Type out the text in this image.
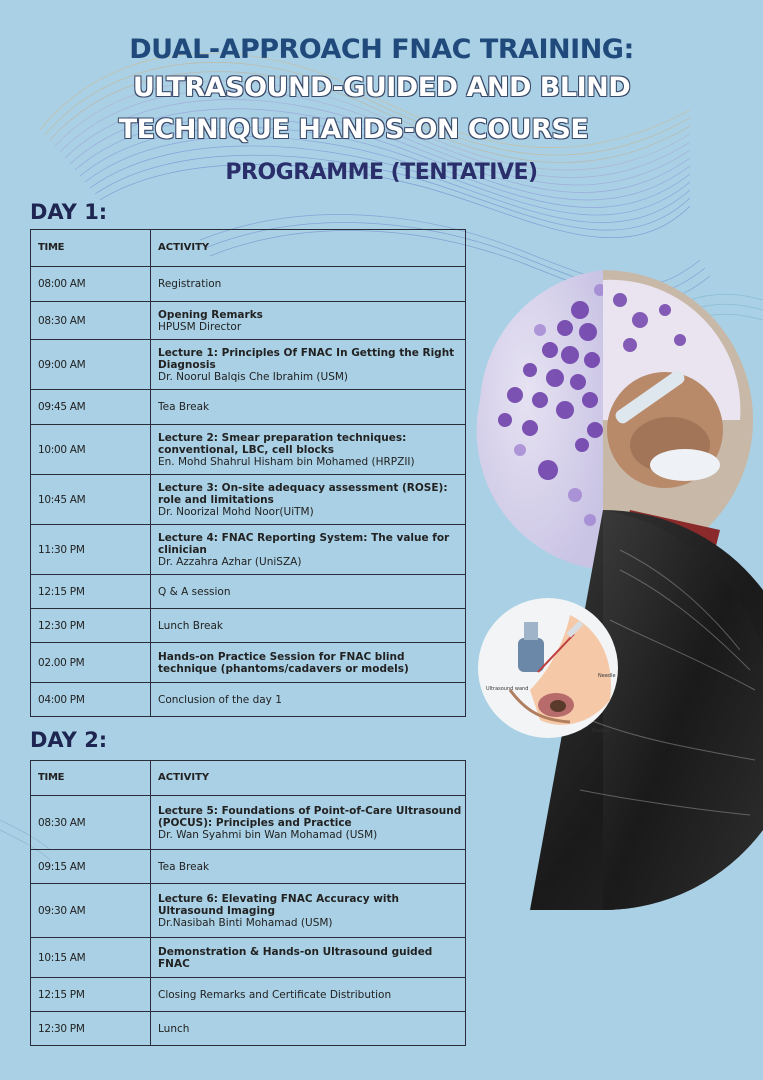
DUAL-APPROACH FNAC TRAINING:
ULTRASOUND-GUIDED AND BLIND
TECHNIQUE HANDS-ON COURSE
PROGRAMME (TENTATIVE)
DAY 1:
TIME	ACTIVITY
08:00 AM	Registration

08:30 AM	Opening Remarks
HPUSM Director

09:00 AM	Lecture 1: Principles Of FNAC In Getting the Right Diagnosis
Dr. Noorul Balqis Che Ibrahim (USM)

09:45 AM	Tea Break

10:00 AM	Lecture 2: Smear preparation techniques: conventional, LBC, cell blocks
En. Mohd Shahrul Hisham bin Mohamed (HRPZII)

10:45 AM	Lecture 3: On-site adequacy assessment (ROSE): role and limitations
Dr. Noorizal Mohd Noor(UiTM)

11:30 PM	Lecture 4: FNAC Reporting System: The value for clinician
Dr. Azzahra Azhar (UniSZA)

12:15 PM	Q & A session

12:30 PM	Lunch Break

02.00 PM	Hands-on Practice Session for FNAC blind technique (phantoms/cadavers or models)

04:00 PM	Conclusion of the day 1
DAY 2:
TIME	ACTIVITY
08:30 AM	Lecture 5: Foundations of Point-of-Care Ultrasound (POCUS): Principles and Practice
Dr. Wan Syahmi bin Wan Mohamad (USM)

09:15 AM	Tea Break

09:30 AM	Lecture 6: Elevating FNAC Accuracy with Ultrasound Imaging
Dr.Nasibah Binti Mohamad (USM)

10:15 AM	Demonstration & Hands-on Ultrasound guided FNAC

12:15 PM	Closing Remarks and Certificate Distribution

12:30 PM	Lunch
Needle
Ultrasound wand
Nodule
